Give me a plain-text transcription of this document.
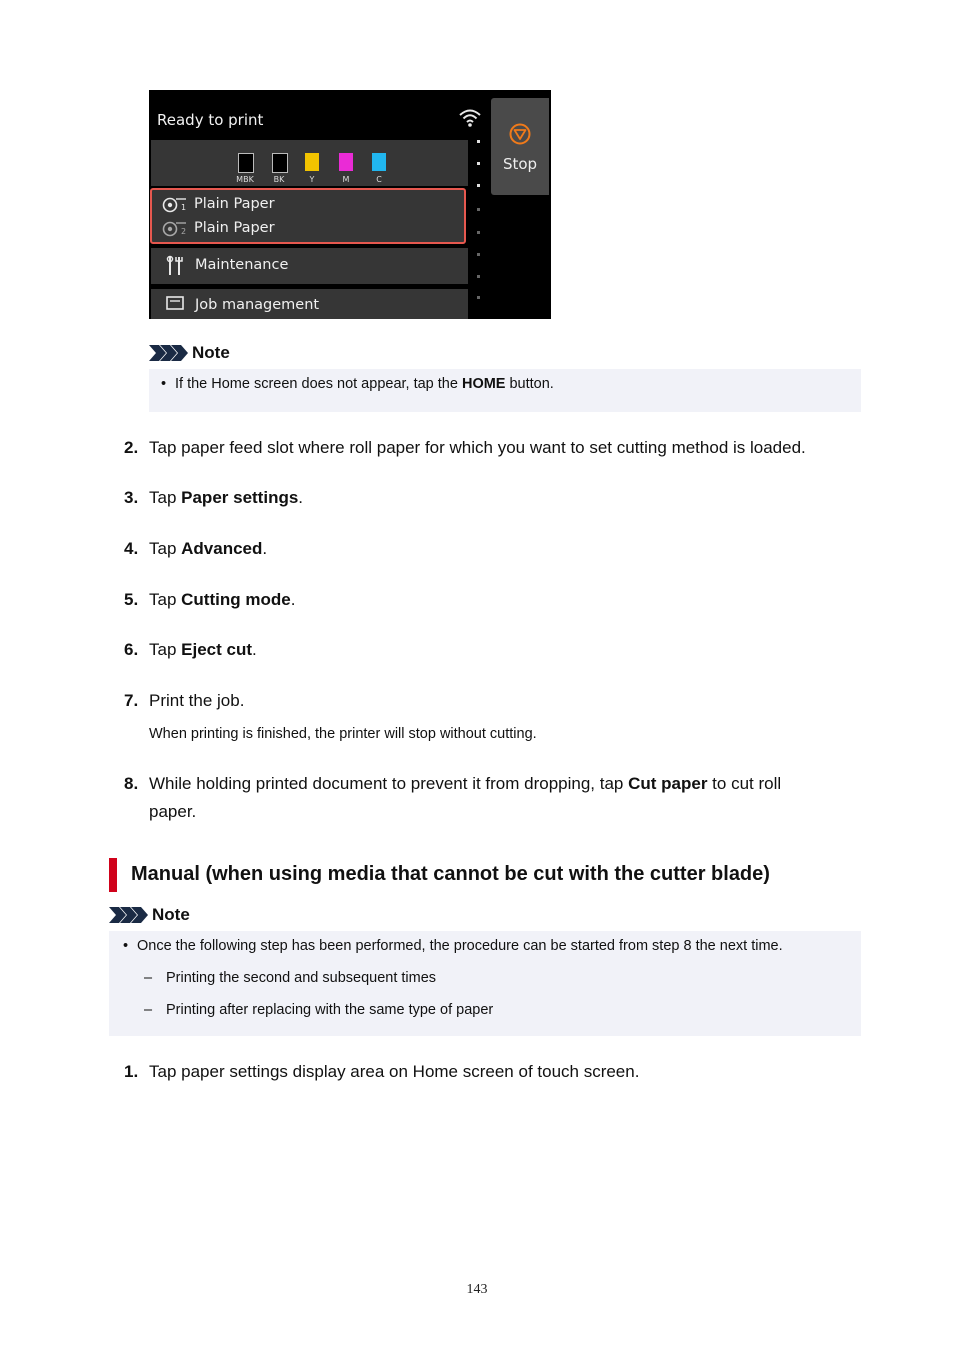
Ready to print
Stop
MBK	BK	Y	M	C
1 Plain Paper
2 Plain Paper
Maintenance
Job management
Note
• If the Home screen does not appear, tap the HOME button.
2. Tap paper feed slot where roll paper for which you want to set cutting method is loaded.
3. Tap Paper settings.
4. Tap Advanced.
5. Tap Cutting mode.
6. Tap Eject cut.
7. Print the job.
When printing is finished, the printer will stop without cutting.
8. While holding printed document to prevent it from dropping, tap Cut paper to cut roll
paper.
Manual (when using media that cannot be cut with the cutter blade)
Note
• Once the following step has been performed, the procedure can be started from step 8 the next time.
– Printing the second and subsequent times
– Printing after replacing with the same type of paper
1. Tap paper settings display area on Home screen of touch screen.
143
